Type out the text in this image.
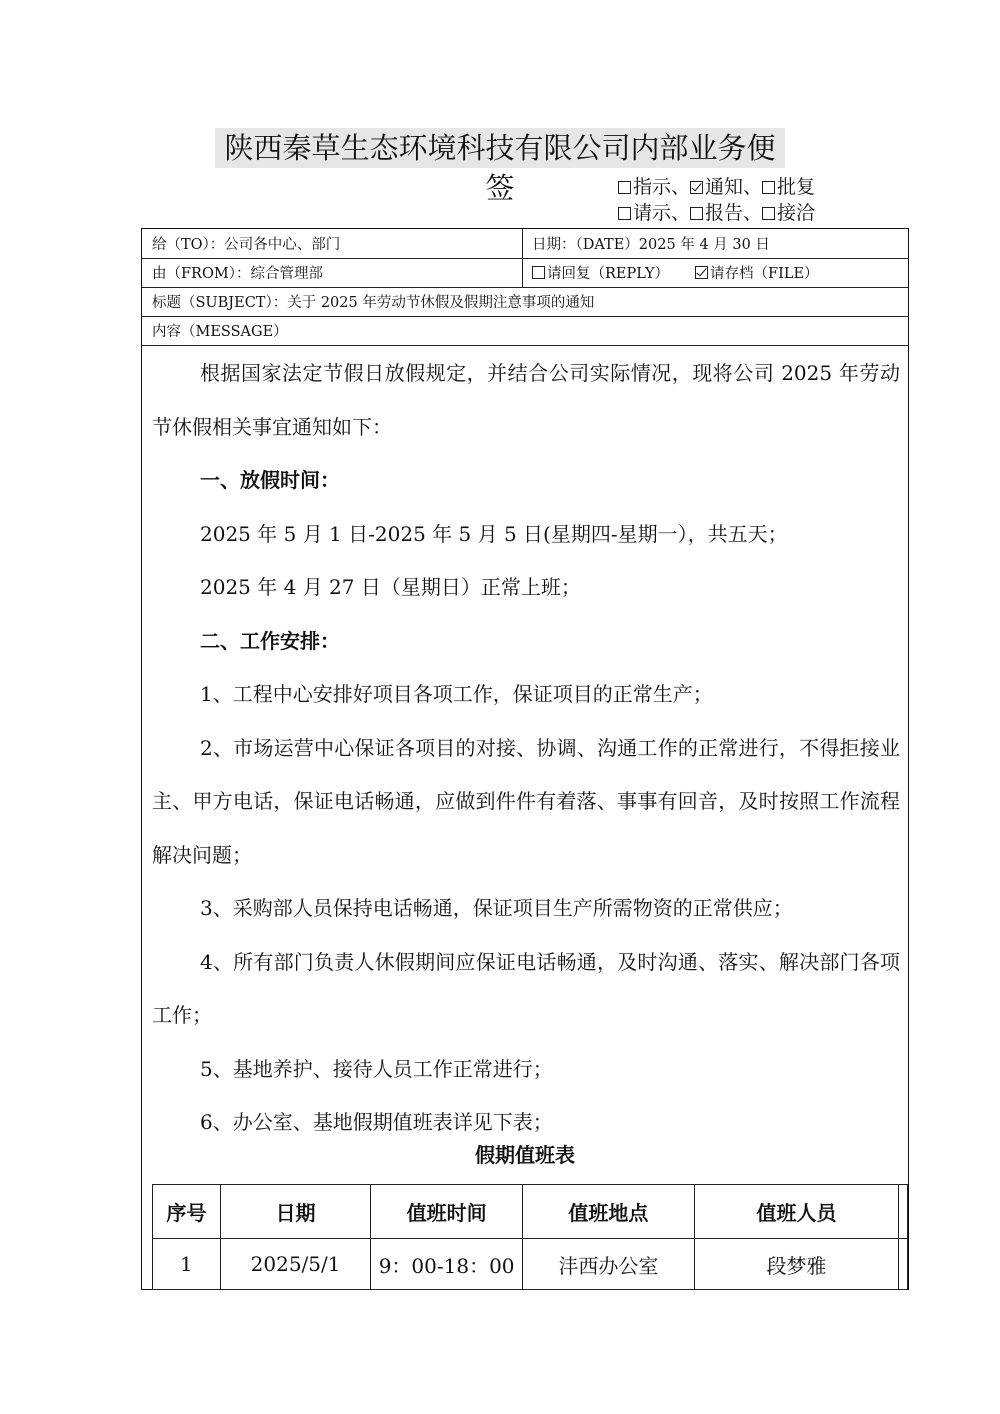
陕西秦草生态环境科技有限公司内部业务便签	指示、 通知、 批复
请示、 报告、 接洽
给（TO）：公司各中心、部门	日期：（DATE）2025 年 4 月 30 日
由（FROM）：综合管理部	请回复（REPLY）	请存档（FILE）
标题（SUBJECT）：关于 2025 年劳动节休假及假期注意事项的通知
内容（MESSAGE）

根据国家法定节假日放假规定，并结合公司实际情况，现将公司 2025 年劳动节休假相关事宜通知如下：

一、放假时间：

2025 年 5 月 1 日-2025 年 5 月 5 日(星期四-星期一），共五天；

2025 年 4 月 27 日（星期日）正常上班；

二、工作安排：

1、工程中心安排好项目各项工作，保证项目的正常生产；

2、市场运营中心保证各项目的对接、协调、沟通工作的正常进行，不得拒接业主、甲方电话，保证电话畅通，应做到件件有着落、事事有回音，及时按照工作流程解决问题；

3、采购部人员保持电话畅通，保证项目生产所需物资的正常供应；

4、所有部门负责人休假期间应保证电话畅通，及时沟通、落实、解决部门各项工作；

5、基地养护、接待人员工作正常进行；

6、办公室、基地假期值班表详见下表；

假期值班表
序号	日期	值班时间	值班地点	值班人员	
1	2025/5/1	9：00-18：00	沣西办公室	段梦雅	
